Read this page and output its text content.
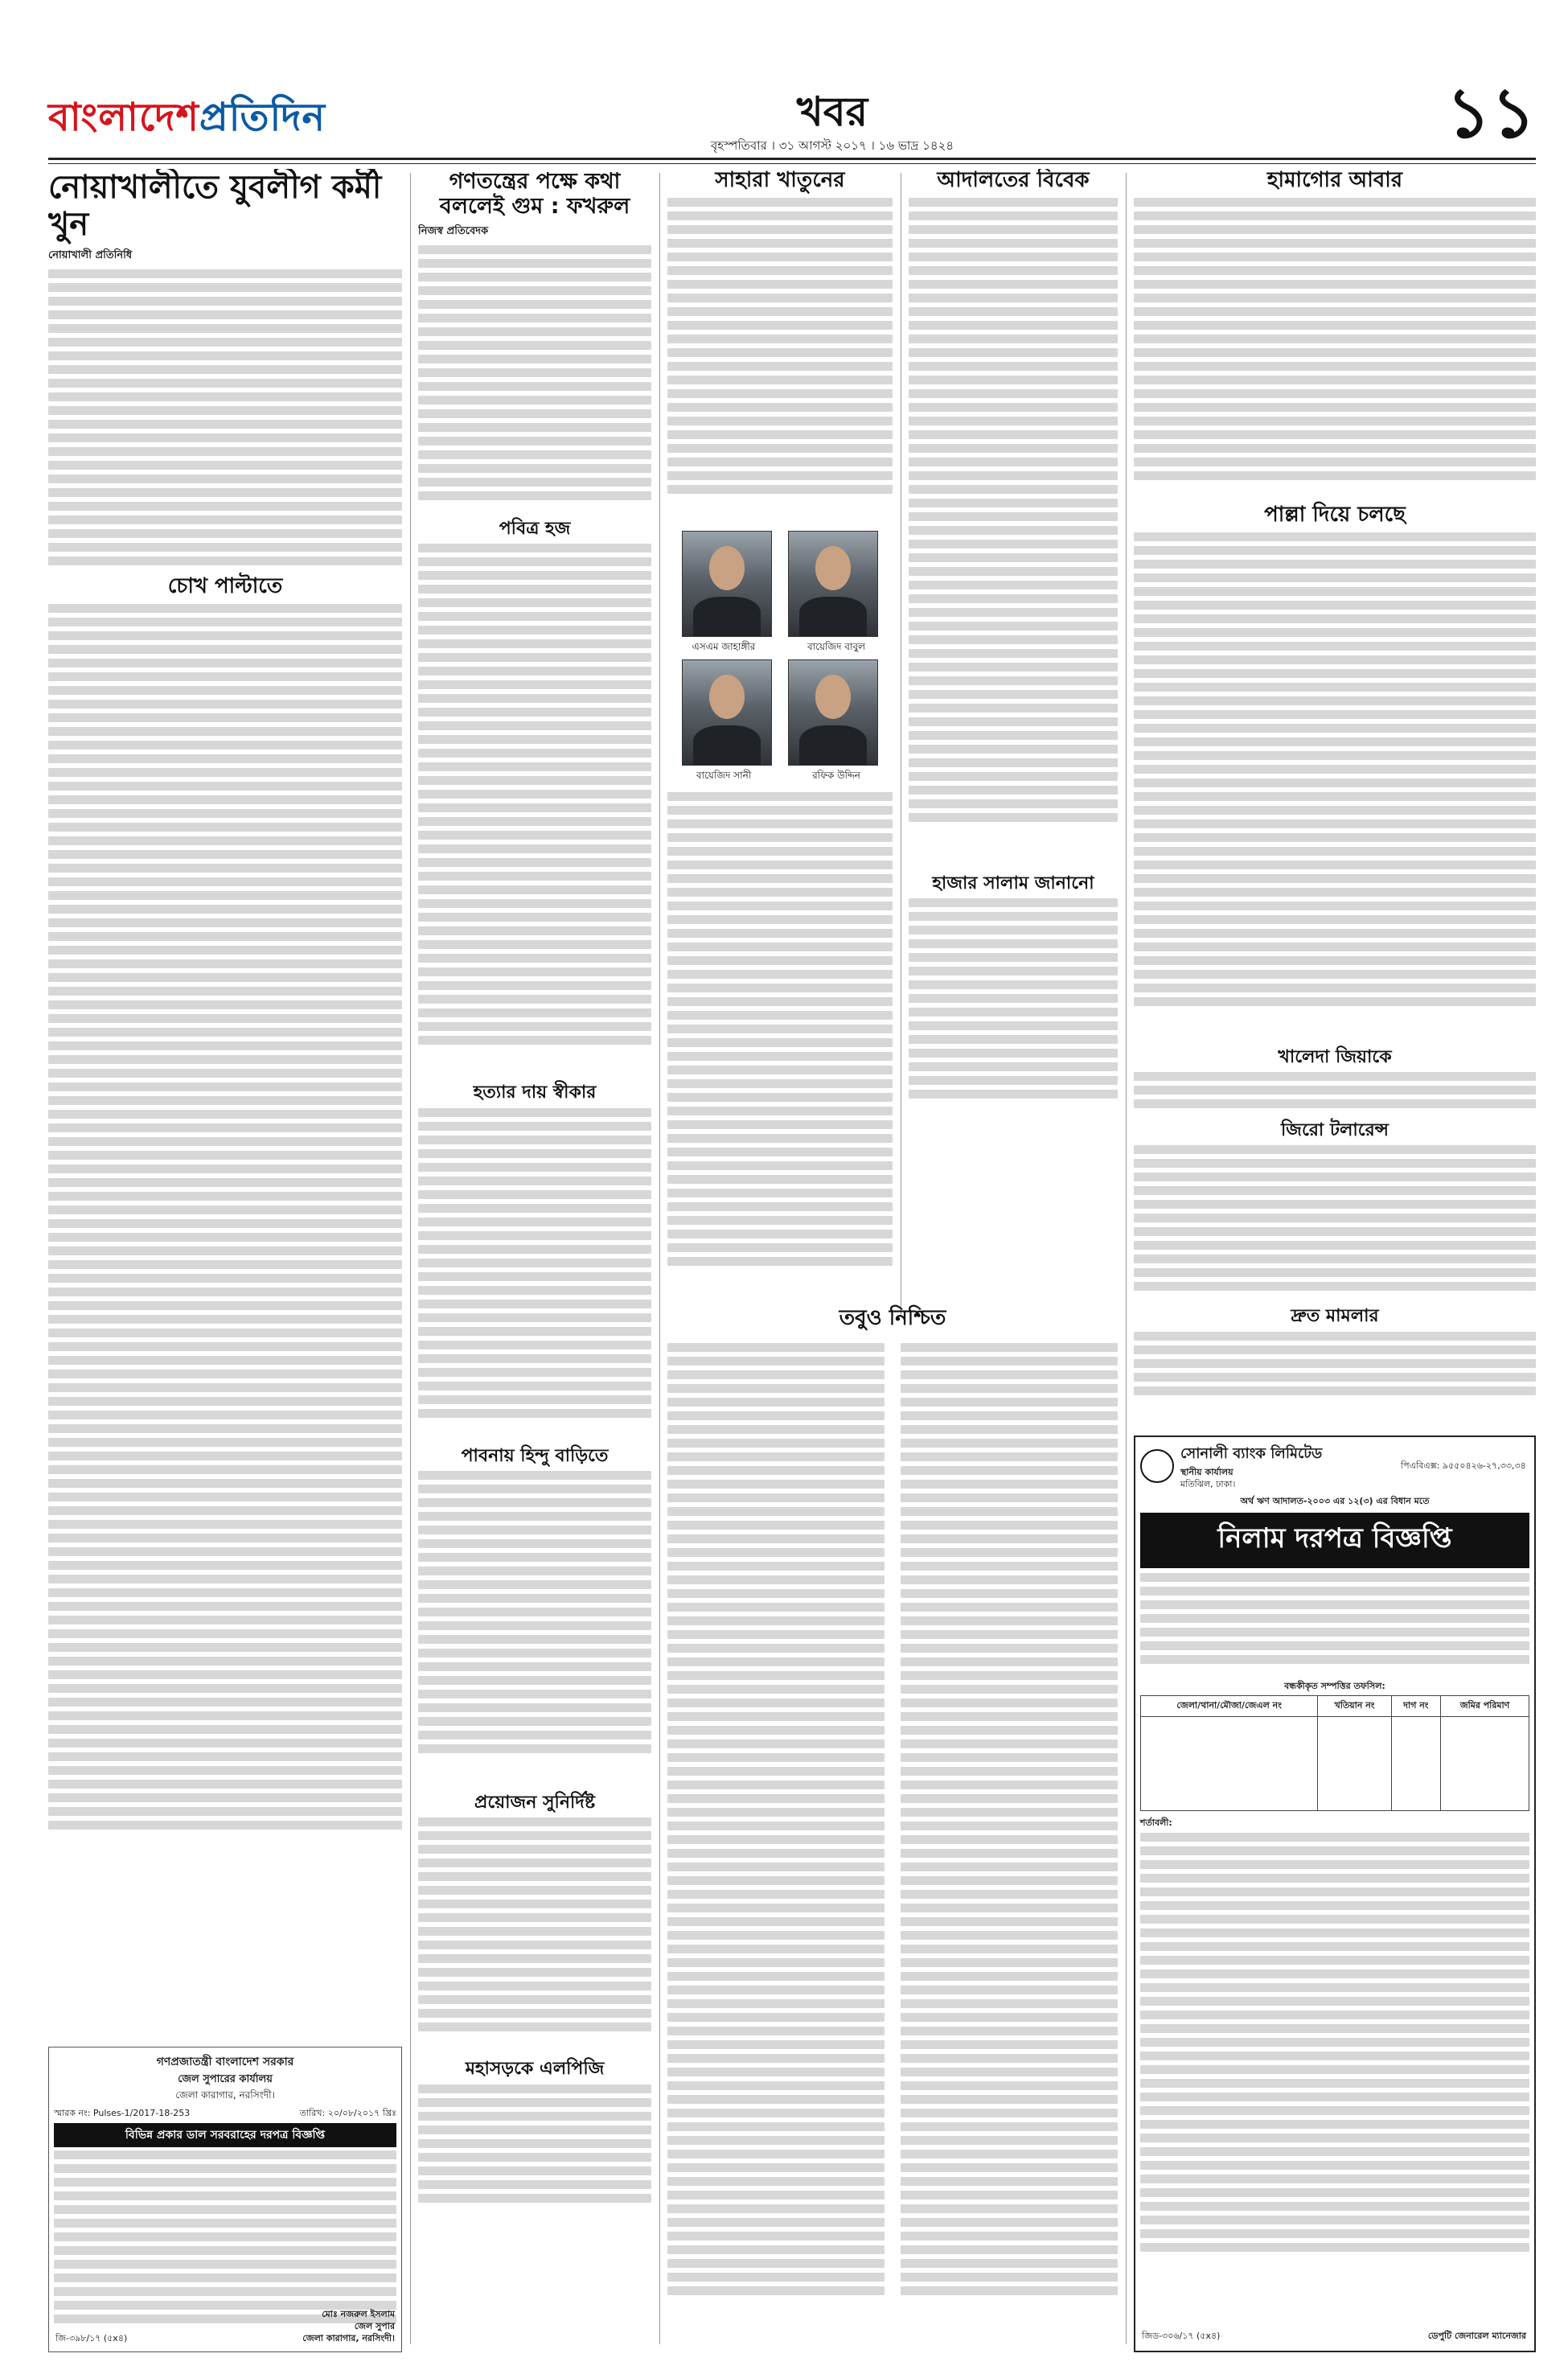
বাংলাদেশপ্রতিদিন	খবর
বৃহস্পতিবার । ৩১ আগস্ট ২০১৭ । ১৬ ভাদ্র ১৪২৪	১১
নোয়াখালীতে যুবলীগ কর্মী খুন
নোয়াখালী প্রতিনিধি
চোখ পাল্টাতে
গণপ্রজাতন্ত্রী বাংলাদেশ সরকার
জেল সুপারের কার্যালয়
জেলা কারাগার, নরসিংদী।
স্মারক নং: Pulses-1/2017-18-253	তারিখ: ২০/০৮/২০১৭ খ্রিঃ
বিভিন্ন প্রকার ডাল সরবরাহের দরপত্র বিজ্ঞপ্তি
মোঃ নজরুল ইসলাম
জেল সুপার
জেলা কারাগার, নরসিংদী।
জি-৩৯৮/১৭ (৫x৪)
গণতন্ত্রের পক্ষে কথা বললেই গুম : ফখরুল
নিজস্ব প্রতিবেদক
পবিত্র হজ
হত্যার দায় স্বীকার
পাবনায় হিন্দু বাড়িতে
প্রয়োজন সুনির্দিষ্ট
মহাসড়কে এলপিজি
সাহারা খাতুনের
এসএম জাহাঙ্গীর	বায়েজিদ বাবুল
বায়েজিদ সানী	রফিক উদ্দিন
তবুও নিশ্চিত
আদালতের বিবেক
হাজার সালাম জানানো
হামাগোর আবার
পাল্লা দিয়ে চলছে
খালেদা জিয়াকে
জিরো টলারেন্স
দ্রুত মামলার
সোনালী ব্যাংক লিমিটেড
স্থানীয় কার্যালয়
মতিঝিল, ঢাকা।
পিএবিএক্স: ৯৫৫০৪২৬-২৭,৩৩,৩৪
অর্থ ঋণ আদালত-২০০৩ এর ১২(৩) এর বিধান মতে
নিলাম দরপত্র বিজ্ঞপ্তি
বন্ধকীকৃত সম্পত্তির তফসিল:
জেলা/থানা/মৌজা/জেএল নং	খতিয়ান নং	দাগ নং	জমির পরিমাণ

শর্তাবলী:
জিড-৩০৬/১৭ (৫x৪)	ডেপুটি জেনারেল ম্যানেজার
